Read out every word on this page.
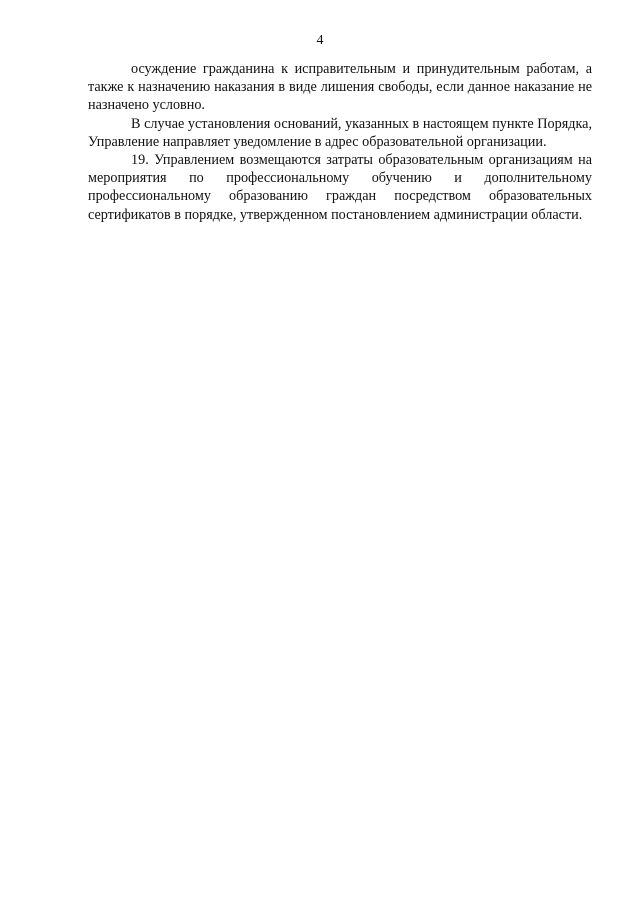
4

осуждение гражданина к исправительным и принудительным работам, а также к назначению наказания в виде лишения свободы, если данное наказание не назначено условно.

В случае установления оснований, указанных в настоящем пункте Порядка, Управление направляет уведомление в адрес образовательной организации.

19. Управлением возмещаются затраты образовательным организациям на мероприятия по профессиональному обучению и дополнительному профессиональному образованию граждан посредством образовательных сертификатов в порядке, утвержденном постановлением администрации области.
